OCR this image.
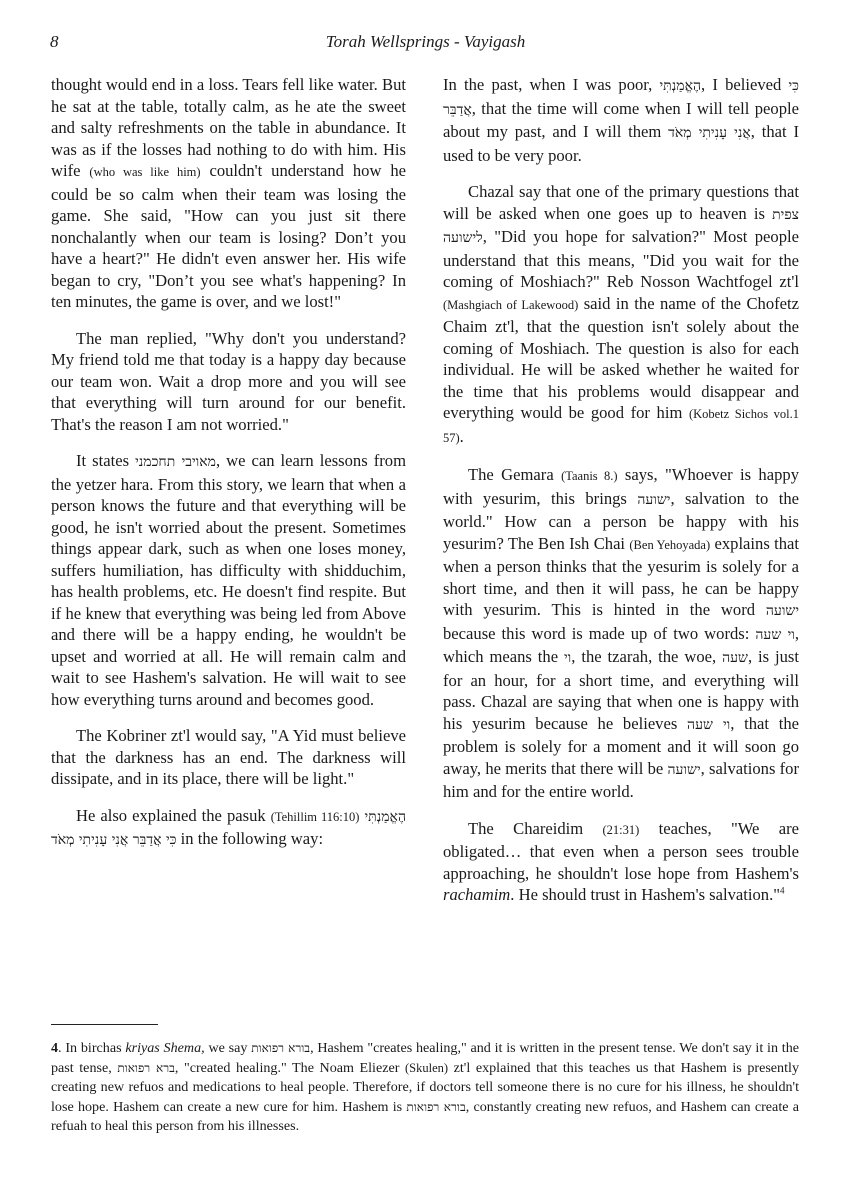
8	Torah Wellsprings - Vayigash

thought would end in a loss. Tears fell like water. But he sat at the table, totally calm, as he ate the sweet and salty refreshments on the table in abundance. It was as if the losses had nothing to do with him. His wife (who was like him) couldn't understand how he could be so calm when their team was losing the game. She said, "How can you just sit there nonchalantly when our team is losing? Don’t you have a heart?" He didn't even answer her. His wife began to cry, "Don’t you see what's happening? In ten minutes, the game is over, and we lost!"

The man replied, "Why don't you understand? My friend told me that today is a happy day because our team won. Wait a drop more and you will see that everything will turn around for our benefit. That's the reason I am not worried."

It states מאויבי תחכמני, we can learn lessons from the yetzer hara. From this story, we learn that when a person knows the future and that everything will be good, he isn't worried about the present. Sometimes things appear dark, such as when one loses money, suffers humiliation, has difficulty with shidduchim, has health problems, etc. He doesn't find respite. But if he knew that everything was being led from Above and there will be a happy ending, he wouldn't be upset and worried at all. He will remain calm and wait to see Hashem's salvation. He will wait to see how everything turns around and becomes good.

The Kobriner zt'l would say, "A Yid must believe that the darkness has an end. The darkness will dissipate, and in its place, there will be light."

He also explained the pasuk (Tehillim 116:10) הֶאֱמַנְתִּי כִּי אֲדַבֵּר אֲנִי עָנִיתִי מְאֹד in the following way:

In the past, when I was poor, הֶאֱמַנְתִּי, I believed כִּי אֲדַבֵּר, that the time will come when I will tell people about my past, and I will them אֲנִי עָנִיתִי מְאֹד, that I used to be very poor.

Chazal say that one of the primary questions that will be asked when one goes up to heaven is צפית לישועה, "Did you hope for salvation?" Most people understand that this means, "Did you wait for the coming of Moshiach?" Reb Nosson Wachtfogel zt'l (Mashgiach of Lakewood) said in the name of the Chofetz Chaim zt'l, that the question isn't solely about the coming of Moshiach. The question is also for each individual. He will be asked whether he waited for the time that his problems would disappear and everything would be good for him (Kobetz Sichos vol.1 57).

The Gemara (Taanis 8.) says, "Whoever is happy with yesurim, this brings ישועה, salvation to the world." How can a person be happy with his yesurim? The Ben Ish Chai (Ben Yehoyada) explains that when a person thinks that the yesurim is solely for a short time, and then it will pass, he can be happy with yesurim. This is hinted in the word ישועה because this word is made up of two words: וי שעה, which means the וי, the tzarah, the woe, שעה, is just for an hour, for a short time, and everything will pass. Chazal are saying that when one is happy with his yesurim because he believes וי שעה, that the problem is solely for a moment and it will soon go away, he merits that there will be ישועה, salvations for him and for the entire world.

The Chareidim (21:31) teaches, "We are obligated… that even when a person sees trouble approaching, he shouldn't lose hope from Hashem's rachamim. He should trust in Hashem's salvation."$^4$

4. In birchas kriyas Shema, we say בורא רפואות, Hashem "creates healing," and it is written in the present tense. We don't say it in the past tense, ברא רפואות, "created healing." The Noam Eliezer (Skulen) zt'l explained that this teaches us that Hashem is presently creating new refuos and medications to heal people. Therefore, if doctors tell someone there is no cure for his illness, he shouldn't lose hope. Hashem can create a new cure for him. Hashem is בורא רפואות, constantly creating new refuos, and Hashem can create a refuah to heal this person from his illnesses.
